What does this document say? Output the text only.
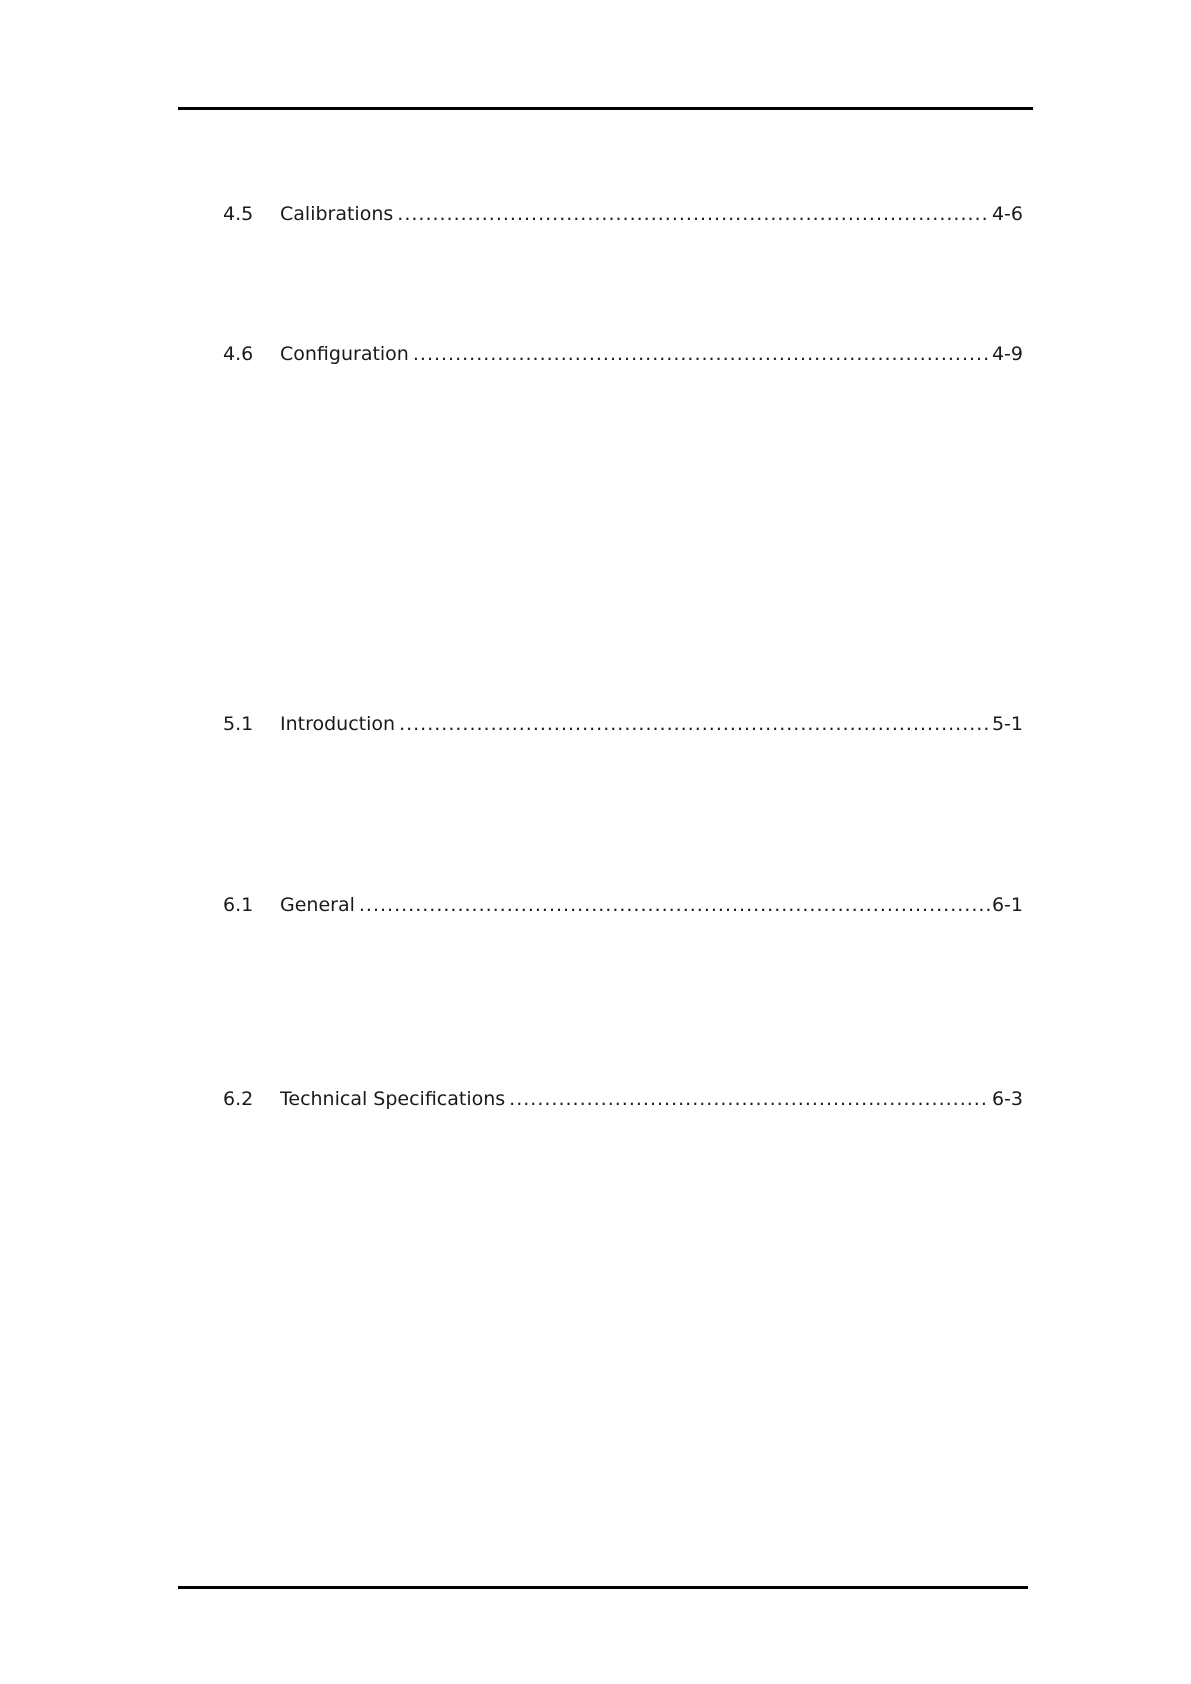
4.5	Calibrations .....	4-6
4.6	Configuration .....	4-9
5.1	Introduction .....	5-1
6.1	General .....	6-1
6.2	Technical Specifications .....	6-3
